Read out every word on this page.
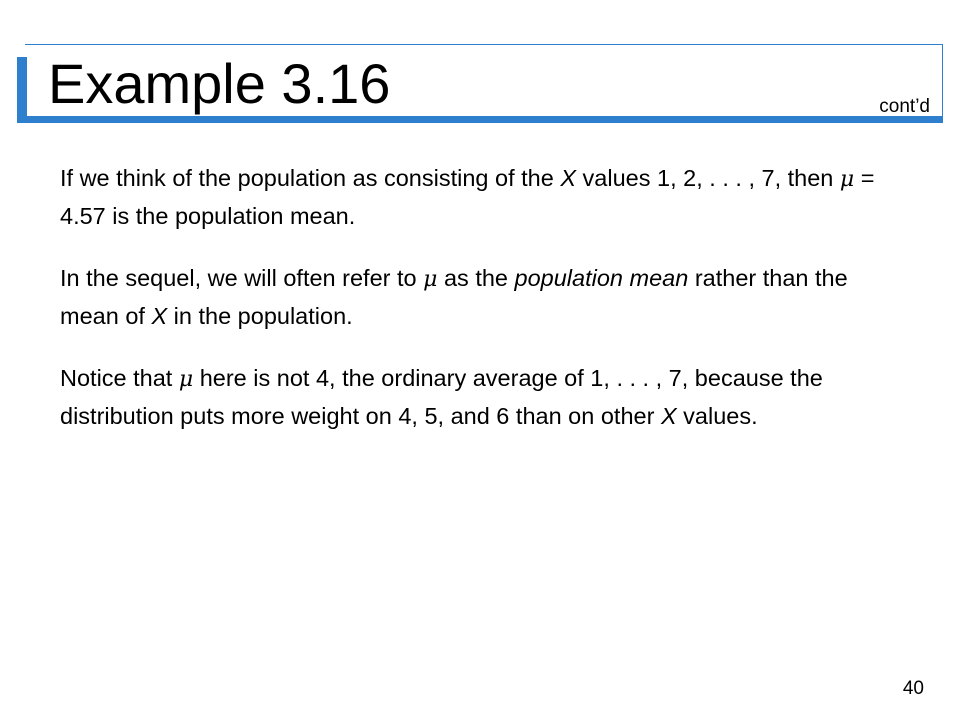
Example 3.16	cont’d

If we think of the population as consisting of the X values 1, 2, . . . , 7, then μ = 4.57 is the population mean.

In the sequel, we will often refer to μ as the population mean rather than the mean of X in the population.

Notice that μ here is not 4, the ordinary average of 1, . . . , 7, because the distribution puts more weight on 4, 5, and 6 than on other X values.

40
